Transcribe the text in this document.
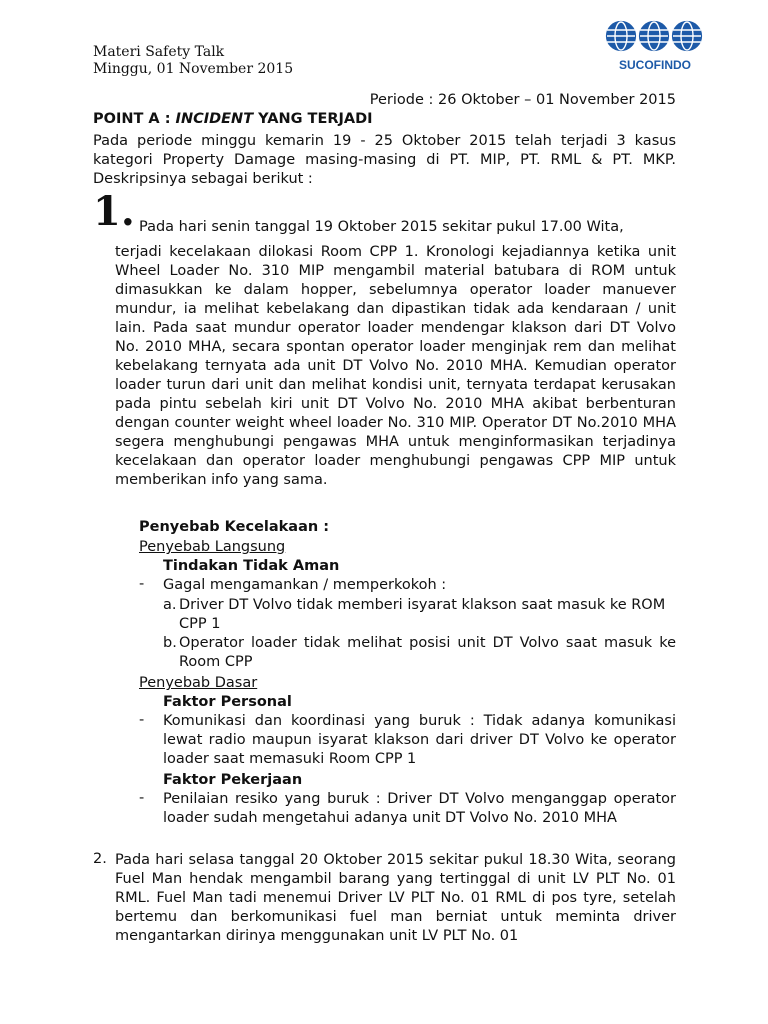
Materi Safety Talk
Minggu, 01 November 2015	SUCOFINDO
Periode : 26 Oktober – 01 November 2015
POINT A : INCIDENT YANG TERJADI
Pada periode minggu kemarin 19 - 25 Oktober 2015 telah terjadi 3 kasus kategori Property Damage masing-masing di PT. MIP, PT. RML & PT. MKP. Deskripsinya sebagai berikut :
1. Pada hari senin tanggal 19 Oktober 2015 sekitar pukul 17.00 Wita,
terjadi kecelakaan dilokasi Room CPP 1. Kronologi kejadiannya ketika unit Wheel Loader No. 310 MIP mengambil material batubara di ROM untuk dimasukkan ke dalam hopper, sebelumnya operator loader manuever mundur, ia melihat kebelakang dan dipastikan tidak ada kendaraan / unit lain. Pada saat mundur operator loader mendengar klakson dari DT Volvo No. 2010 MHA, secara spontan operator loader menginjak rem dan melihat kebelakang ternyata ada unit DT Volvo No. 2010 MHA. Kemudian operator loader turun dari unit dan melihat kondisi unit, ternyata terdapat kerusakan pada pintu sebelah kiri unit DT Volvo No. 2010 MHA akibat berbenturan dengan counter weight wheel loader No. 310 MIP. Operator DT No.2010 MHA segera menghubungi pengawas MHA untuk menginformasikan terjadinya kecelakaan dan operator loader menghubungi pengawas CPP MIP untuk memberikan info yang sama.
Penyebab Kecelakaan :
Penyebab Langsung
Tindakan Tidak Aman
- Gagal mengamankan / memperkokoh :
a. Driver DT Volvo tidak memberi isyarat klakson saat masuk ke ROM CPP 1
b. Operator loader tidak melihat posisi unit DT Volvo saat masuk ke Room CPP
Penyebab Dasar
Faktor Personal
- Komunikasi dan koordinasi yang buruk : Tidak adanya komunikasi lewat radio maupun isyarat klakson dari driver DT Volvo ke operator loader saat memasuki Room CPP 1
Faktor Pekerjaan
- Penilaian resiko yang buruk : Driver DT Volvo menganggap operator loader sudah mengetahui adanya unit DT Volvo No. 2010 MHA
2. Pada hari selasa tanggal 20 Oktober 2015 sekitar pukul 18.30 Wita, seorang Fuel Man hendak mengambil barang yang tertinggal di unit LV PLT No. 01 RML. Fuel Man tadi menemui Driver LV PLT No. 01 RML di pos tyre, setelah bertemu dan berkomunikasi fuel man berniat untuk meminta driver mengantarkan dirinya menggunakan unit LV PLT No. 01
